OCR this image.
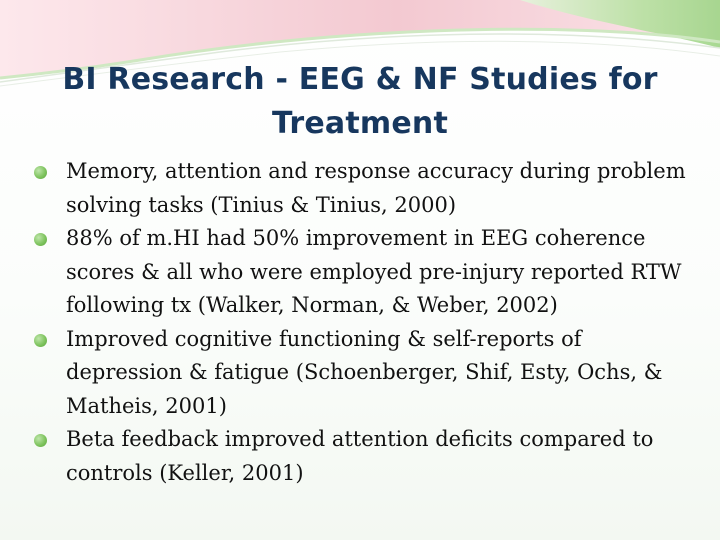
BI Research - EEG & NF Studies for Treatment
Memory, attention and response accuracy during problem solving tasks (Tinius & Tinius, 2000)
88% of m.HI had 50% improvement in EEG coherence scores & all who were employed pre-injury reported RTW following tx (Walker, Norman, & Weber, 2002)
Improved cognitive functioning & self-reports of depression & fatigue (Schoenberger, Shif, Esty, Ochs, & Matheis, 2001)
Beta feedback improved attention deficits compared to controls (Keller, 2001)
